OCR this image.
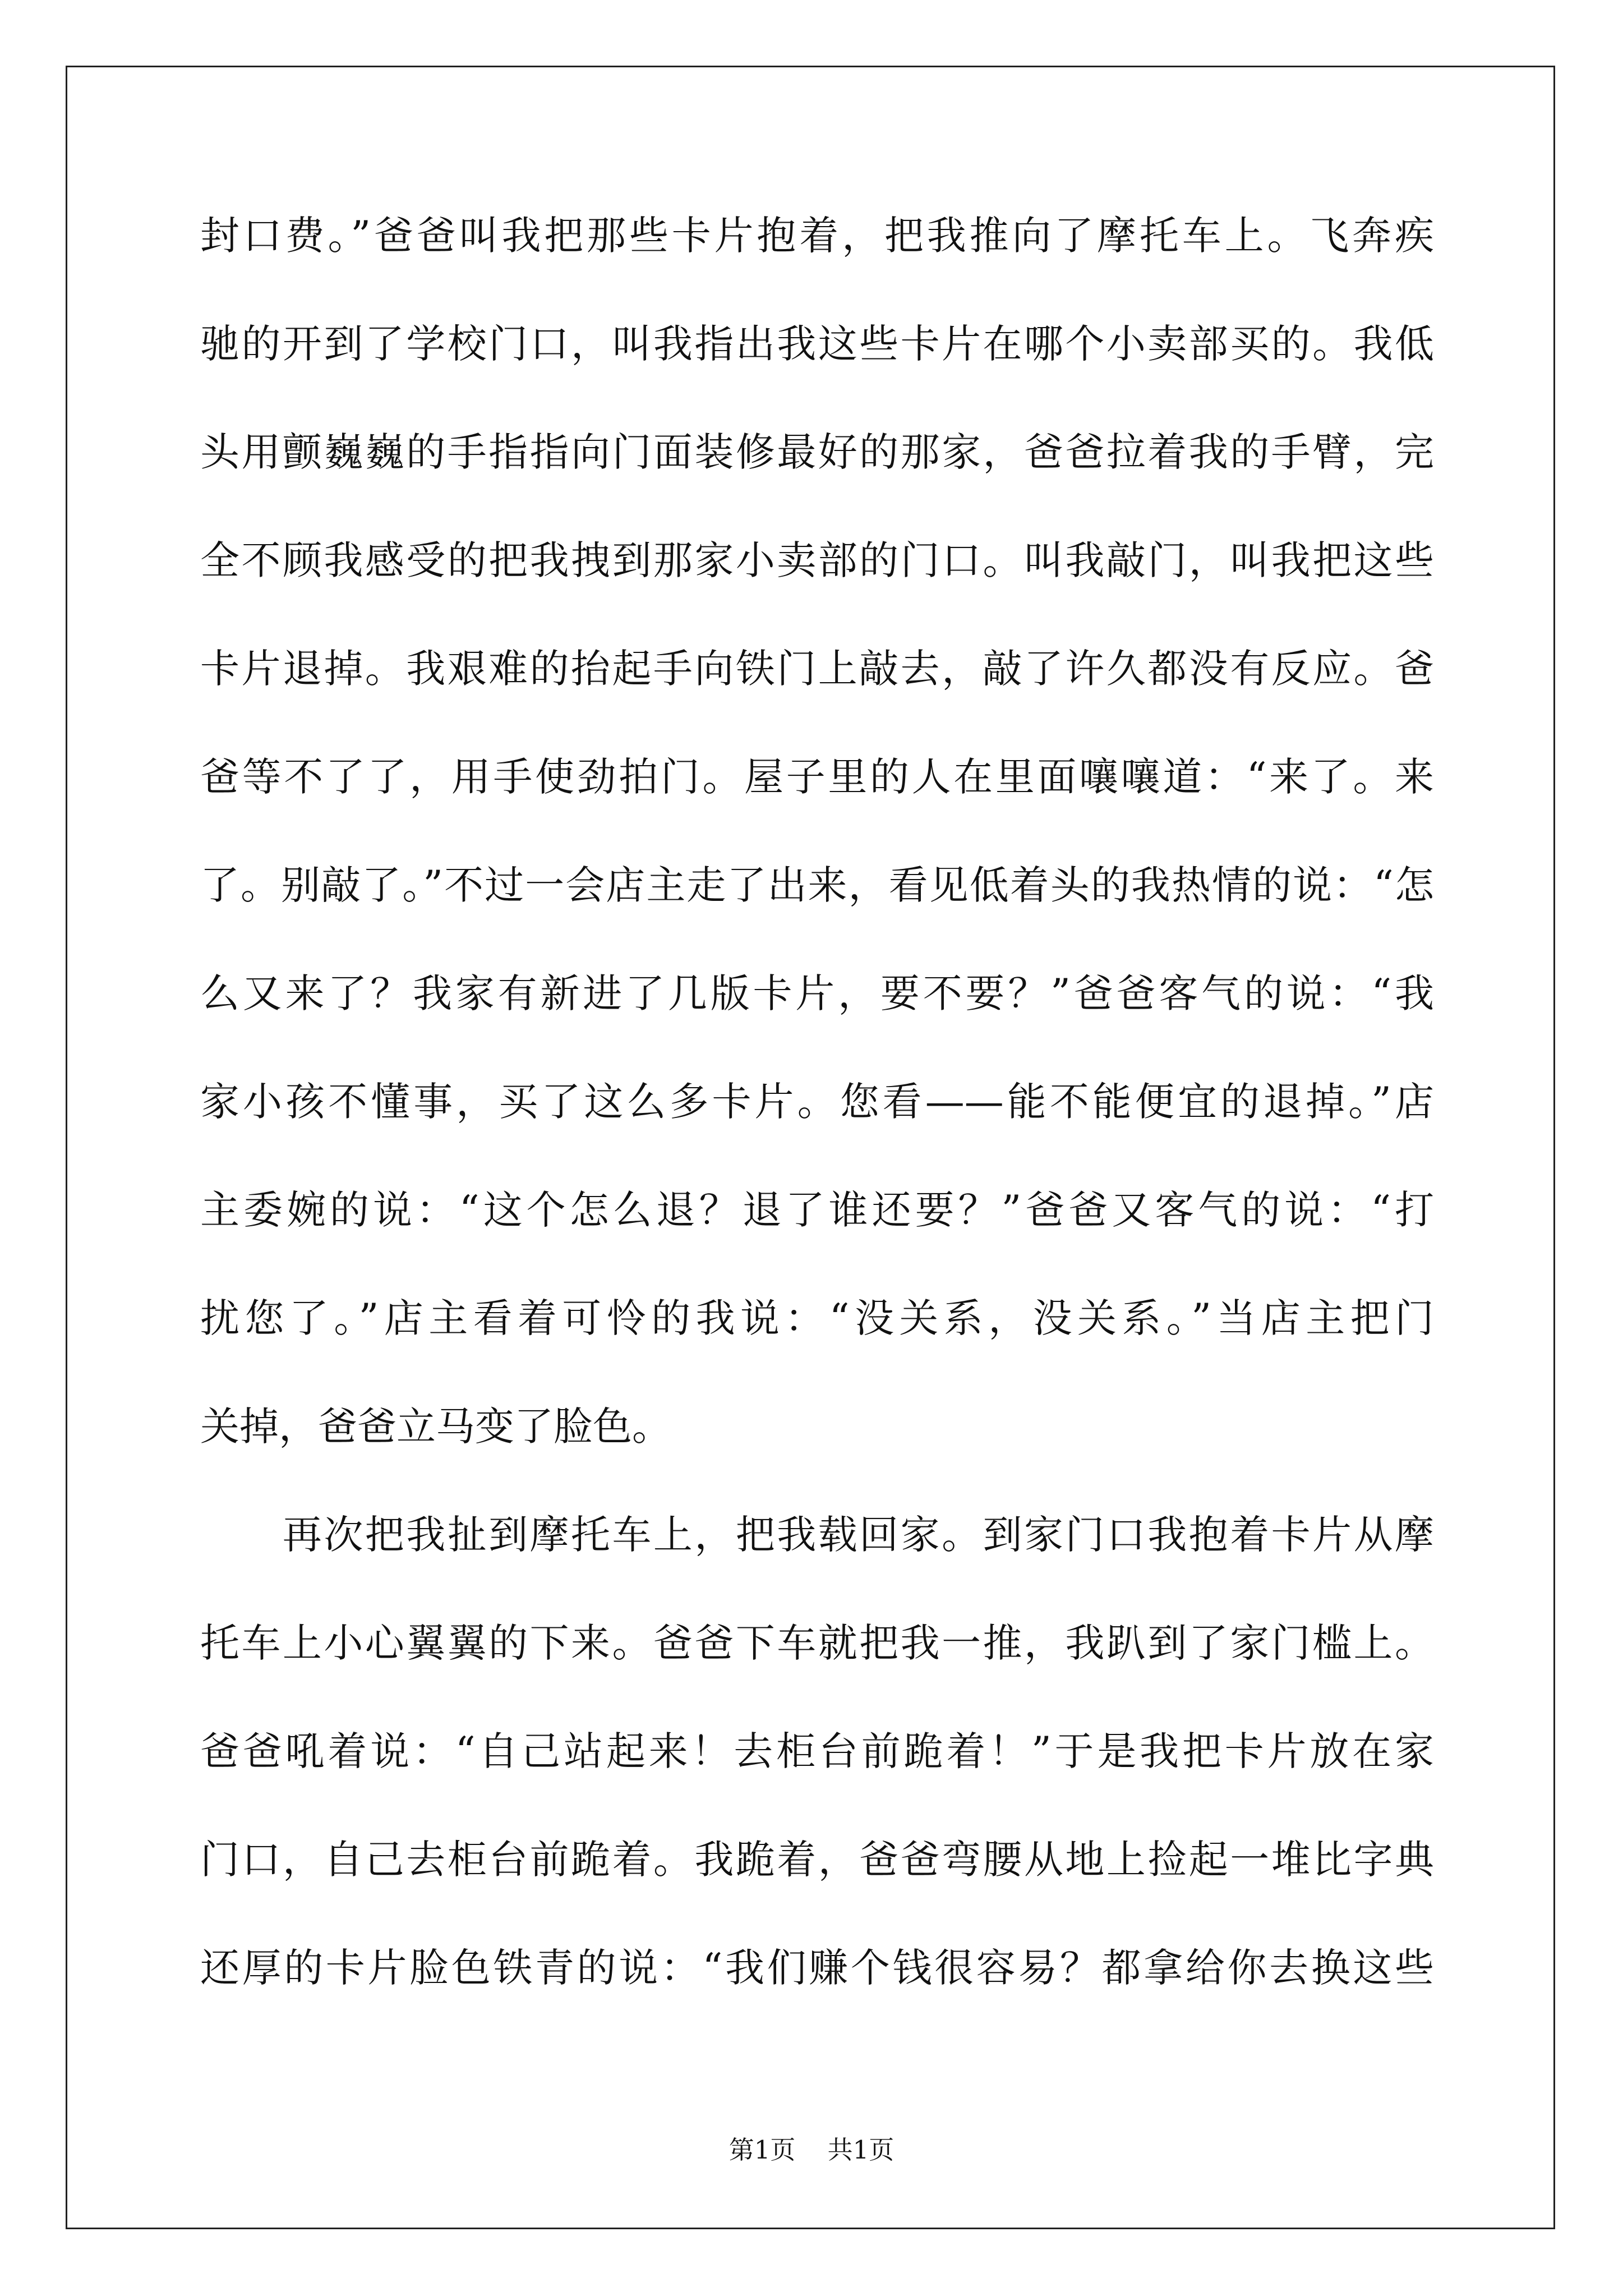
封口费。”爸爸叫我把那些卡片抱着，把我推向了摩托车上。飞奔疾
驰的开到了学校门口，叫我指出我这些卡片在哪个小卖部买的。我低
头用颤巍巍的手指指向门面装修最好的那家，爸爸拉着我的手臂，完
全不顾我感受的把我拽到那家小卖部的门口。叫我敲门，叫我把这些
卡片退掉。我艰难的抬起手向铁门上敲去，敲了许久都没有反应。爸
爸等不了了，用手使劲拍门。屋子里的人在里面嚷嚷道：“来了。来
了。别敲了。”不过一会店主走了出来，看见低着头的我热情的说：“怎
么又来了？我家有新进了几版卡片，要不要？”爸爸客气的说：“我
家小孩不懂事，买了这么多卡片。您看——能不能便宜的退掉。”店
主委婉的说：“这个怎么退？退了谁还要？”爸爸又客气的说：“打
扰您了。”店主看着可怜的我说：“没关系，没关系。”当店主把门
关掉，爸爸立马变了脸色。
　　再次把我扯到摩托车上，把我载回家。到家门口我抱着卡片从摩
托车上小心翼翼的下来。爸爸下车就把我一推，我趴到了家门槛上。
爸爸吼着说：“自己站起来！去柜台前跪着！”于是我把卡片放在家
门口，自己去柜台前跪着。我跪着，爸爸弯腰从地上捡起一堆比字典
还厚的卡片脸色铁青的说：“我们赚个钱很容易？都拿给你去换这些
第1页 共1页
